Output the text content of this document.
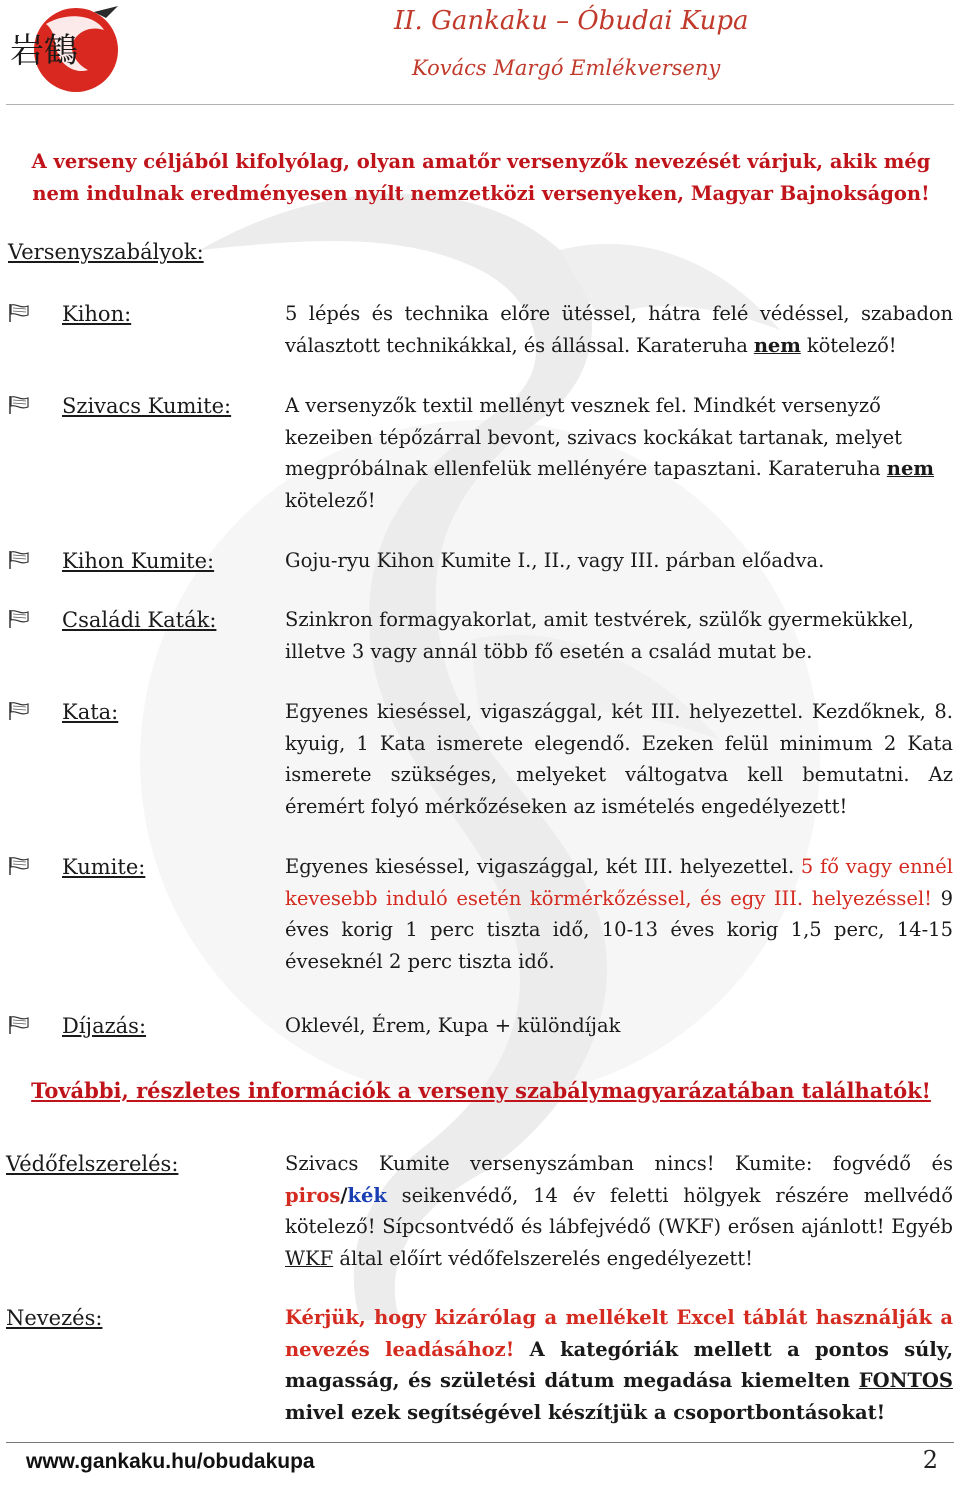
岩鶴
II. Gankaku – Óbudai Kupa
Kovács Margó Emlékverseny
A verseny céljából kifolyólag, olyan amatőr versenyzők nevezését várjuk, akik még nem indulnak eredményesen nyílt nemzetközi versenyeken, Magyar Bajnokságon!
Versenyszabályok:
Kihon:	5 lépés és technika előre ütéssel, hátra felé védéssel, szabadon választott technikákkal, és állással. Karateruha nem kötelező!
Szivacs Kumite:	A versenyzők textil mellényt vesznek fel. Mindkét versenyző kezeiben tépőzárral bevont, szivacs kockákat tartanak, melyet megpróbálnak ellenfelük mellényére tapasztani. Karateruha nem kötelező!
Kihon Kumite:	Goju-ryu Kihon Kumite I., II., vagy III. párban előadva.
Családi Katák:	Szinkron formagyakorlat, amit testvérek, szülők gyermekükkel, illetve 3 vagy annál több fő esetén a család mutat be.
Kata:	Egyenes kieséssel, vigaszággal, két III. helyezettel. Kezdőknek, 8. kyuig, 1 Kata ismerete elegendő. Ezeken felül minimum 2 Kata ismerete szükséges, melyeket váltogatva kell bemutatni. Az éremért folyó mérkőzéseken az ismételés engedélyezett!
Kumite:	Egyenes kieséssel, vigaszággal, két III. helyezettel. 5 fő vagy ennél kevesebb induló esetén körmérkőzéssel, és egy III. helyezéssel! 9 éves korig 1 perc tiszta idő, 10-13 éves korig 1,5 perc, 14-15 éveseknél 2 perc tiszta idő.
Díjazás:	Oklevél, Érem, Kupa + különdíjak
További, részletes információk a verseny szabálymagyarázatában találhatók!
Védőfelszerelés:	Szivacs Kumite versenyszámban nincs! Kumite: fogvédő és piros/kék seikenvédő, 14 év feletti hölgyek részére mellvédő kötelező! Sípcsontvédő és lábfejvédő (WKF) erősen ajánlott! Egyéb WKF által előírt védőfelszerelés engedélyezett!
Nevezés:	Kérjük, hogy kizárólag a mellékelt Excel táblát használják a nevezés leadásához! A kategóriák mellett a pontos súly, magasság, és születési dátum megadása kiemelten FONTOS mivel ezek segítségével készítjük a csoportbontásokat!
www.gankaku.hu/obudakupa	2
